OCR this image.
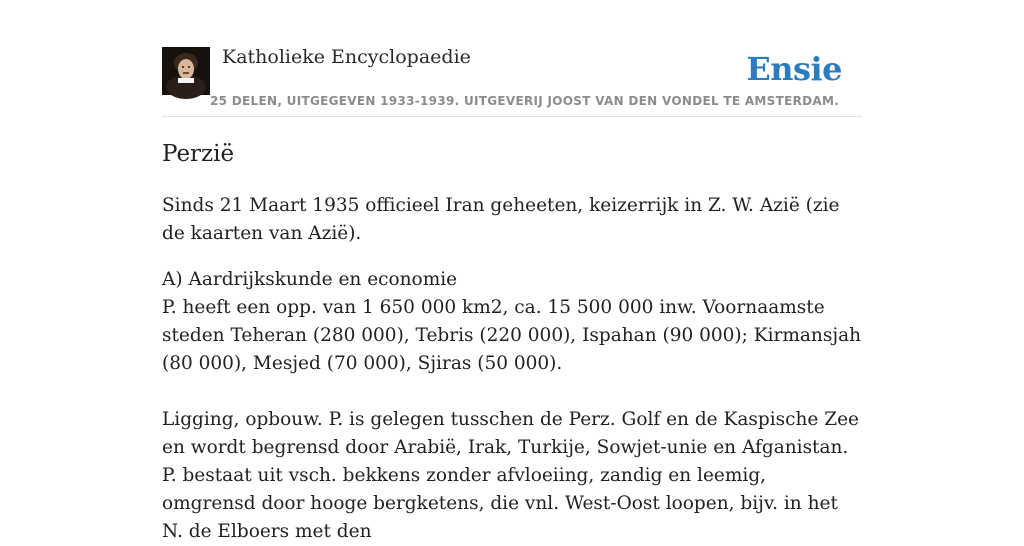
Katholieke Encyclopaedie
25 DELEN, UITGEGEVEN 1933-1939. UITGEVERIJ JOOST VAN DEN VONDEL TE AMSTERDAM.
Ensie
Perzië

Sinds 21 Maart 1935 officieel Iran geheeten, keizerrijk in Z. W. Azië (zie de kaarten van Azië).

A) Aardrijkskunde en economie
P. heeft een opp. van 1 650 000 km2, ca. 15 500 000 inw. Voornaamste steden Teheran (280 000), Tebris (220 000), Ispahan (90 000); Kirmansjah (80 000), Mesjed (70 000), Sjiras (50 000).

Ligging, opbouw. P. is gelegen tusschen de Perz. Golf en de Kaspische Zee en wordt begrensd door Arabië, Irak, Turkije, Sowjet-unie en Afganistan. P. bestaat uit vsch. bekkens zonder afvloeiing, zandig en leemig, omgrensd door hooge bergketens, die vnl. West-Oost loopen, bijv. in het N. de Elboers met den
